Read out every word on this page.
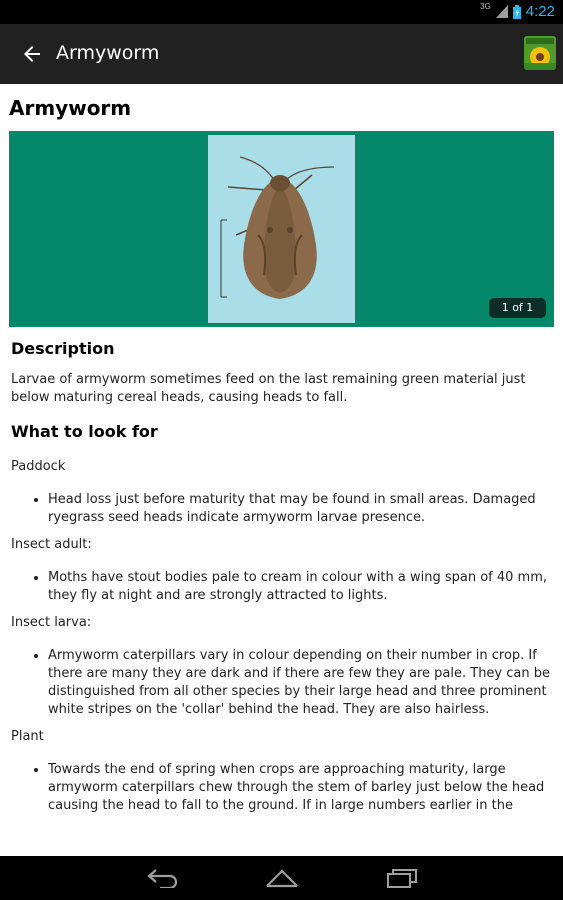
3G 4:22
Armyworm
Armyworm
1 of 1
Description

Larvae of armyworm sometimes feed on the last remaining green material just below maturing cereal heads, causing heads to fall.

What to look for

Paddock

• Head loss just before maturity that may be found in small areas. Damaged ryegrass seed heads indicate armyworm larvae presence.

Insect adult:

• Moths have stout bodies pale to cream in colour with a wing span of 40 mm, they fly at night and are strongly attracted to lights.

Insect larva:

• Armyworm caterpillars vary in colour depending on their number in crop. If there are many they are dark and if there are few they are pale. They can be distinguished from all other species by their large head and three prominent white stripes on the 'collar' behind the head. They are also hairless.

Plant

• Towards the end of spring when crops are approaching maturity, large armyworm caterpillars chew through the stem of barley just below the head causing the head to fall to the ground. If in large numbers earlier in the
